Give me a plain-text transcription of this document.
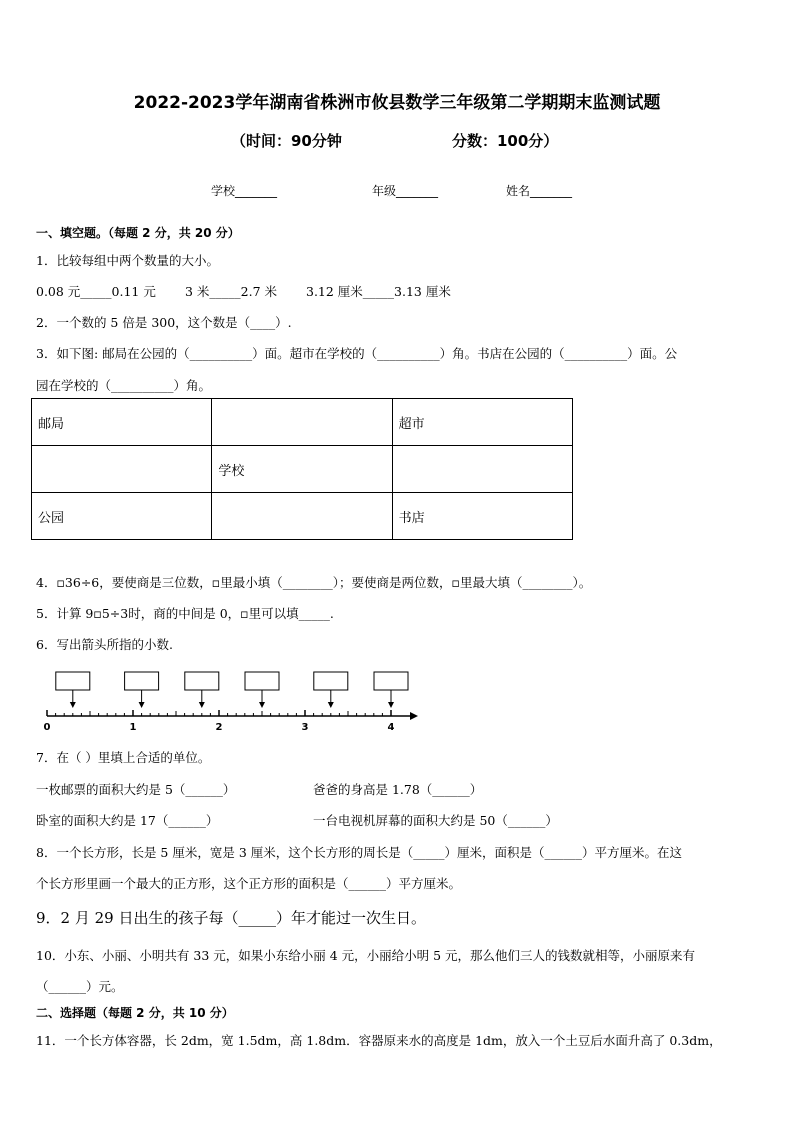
2022-2023学年湖南省株洲市攸县数学三年级第二学期期末监测试题
（时间：90分钟	分数：100分）
学校_______	年级_______	姓名_______
一、填空题。（每题 2 分，共 20 分）
1．比较每组中两个数量的大小。
0.08 元_____0.11 元 3 米_____2.7 米 3.12 厘米_____3.13 厘米
2．一个数的 5 倍是 300，这个数是（____）.
3．如下图: 邮局在公园的（__________）面。超市在学校的（__________）角。书店在公园的（__________）面。公
园在学校的（__________）角。
邮局		超市
	学校	
公园		书店
4．▫36÷6，要使商是三位数，▫里最小填（________）；要使商是两位数，▫里最大填（________）。
5．计算 9▫5÷3时，商的中间是 0，▫里可以填_____.
6．写出箭头所指的小数.
0	1	2	3	4
7．在（ ）里填上合适的单位。
一枚邮票的面积大约是 5（______）	爸爸的身高是 1.78（______）
卧室的面积大约是 17（______）	一台电视机屏幕的面积大约是 50（______）
8．一个长方形，长是 5 厘米，宽是 3 厘米，这个长方形的周长是（_____）厘米，面积是（______）平方厘米。在这
个长方形里画一个最大的正方形，这个正方形的面积是（______）平方厘米。
9．2 月 29 日出生的孩子每（_____）年才能过一次生日。
10．小东、小丽、小明共有 33 元，如果小东给小丽 4 元，小丽给小明 5 元，那么他们三人的钱数就相等，小丽原来有
（______）元。
二、选择题（每题 2 分，共 10 分）
11．一个长方体容器，长 2dm，宽 1.5dm，高 1.8dm．容器原来水的高度是 1dm，放入一个土豆后水面升高了 0.3dm，
